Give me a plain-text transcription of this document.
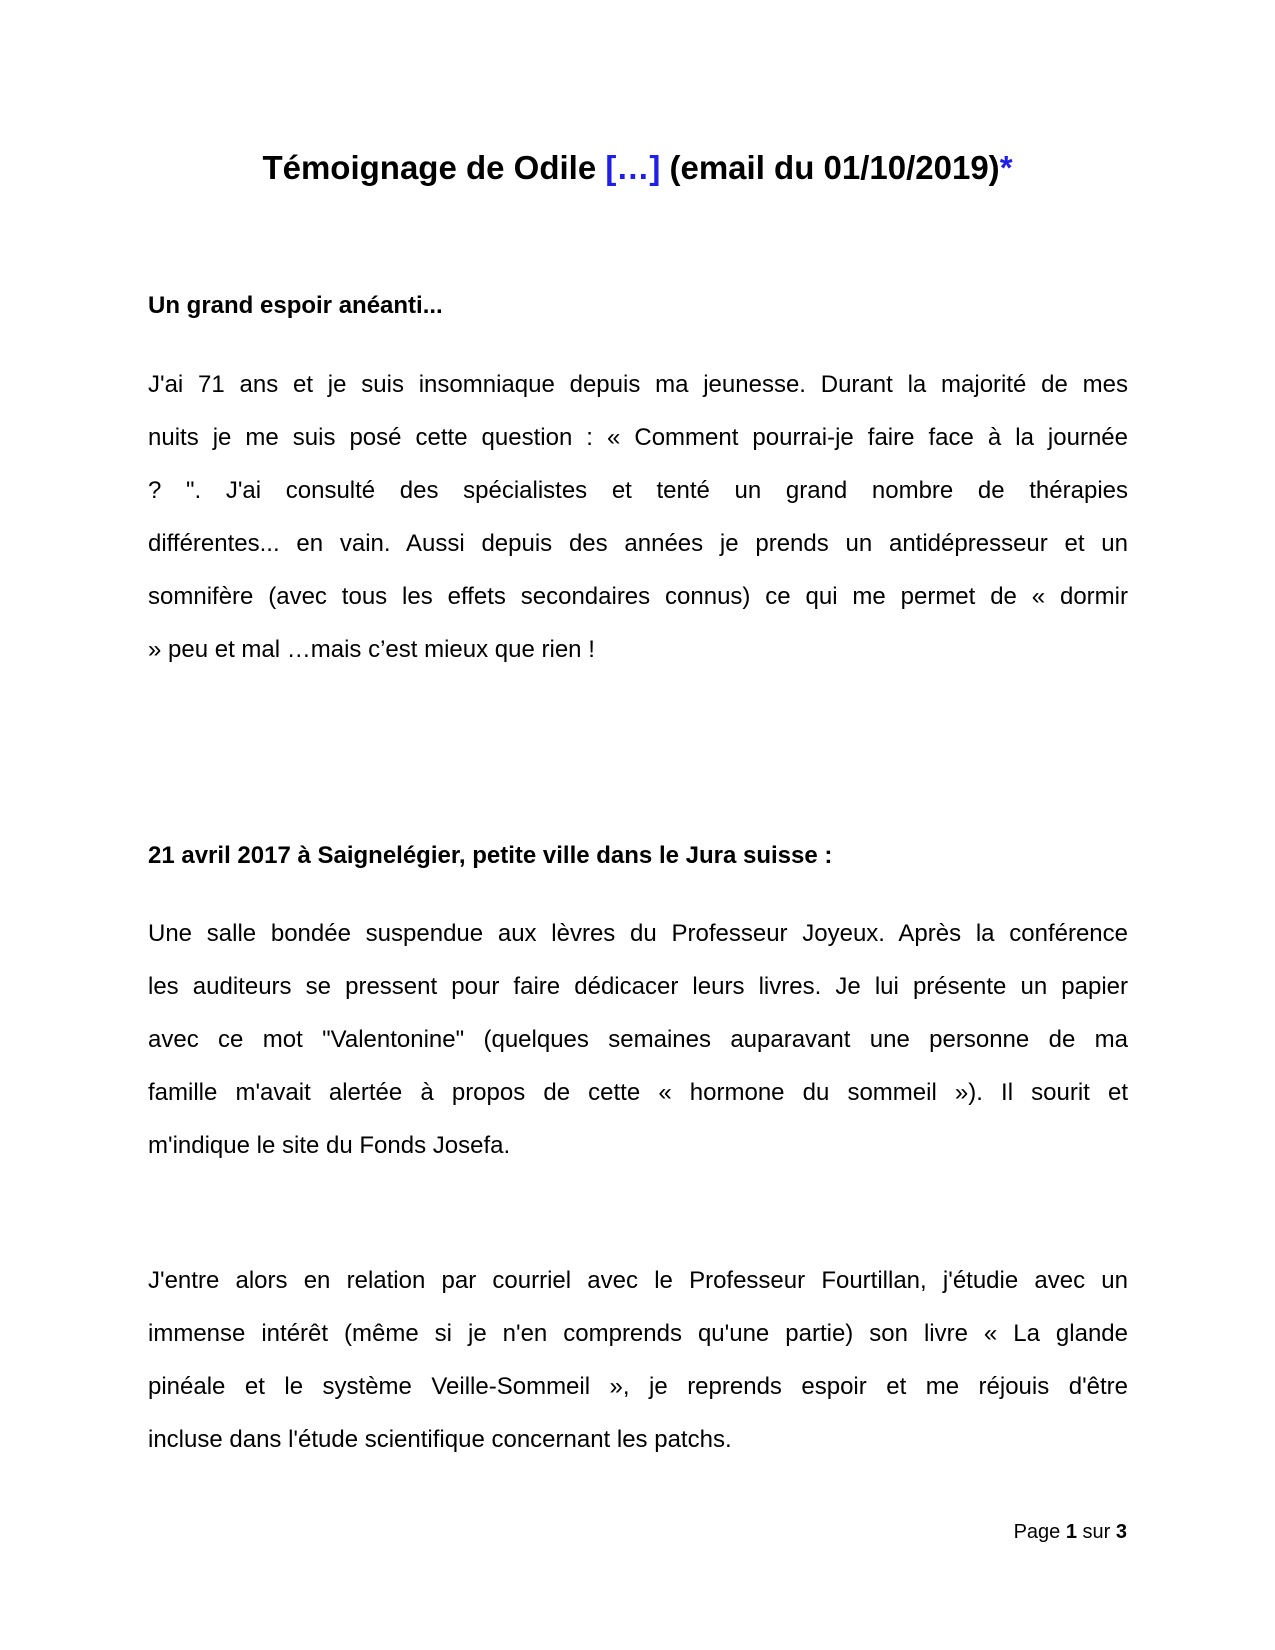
Témoignage de Odile […] (email du 01/10/2019)*
Un grand espoir anéanti...
J'ai 71 ans et je suis insomniaque depuis ma jeunesse. Durant la majorité de mes
nuits je me suis posé cette question : « Comment pourrai-je faire face à la journée
? ". J'ai consulté des spécialistes et tenté un grand nombre de thérapies
différentes... en vain. Aussi depuis des années je prends un antidépresseur et un
somnifère (avec tous les effets secondaires connus) ce qui me permet de « dormir
» peu et mal …mais c’est mieux que rien !
21 avril 2017 à Saignelégier, petite ville dans le Jura suisse :
Une salle bondée suspendue aux lèvres du Professeur Joyeux. Après la conférence
les auditeurs se pressent pour faire dédicacer leurs livres. Je lui présente un papier
avec ce mot "Valentonine" (quelques semaines auparavant une personne de ma
famille m'avait alertée à propos de cette « hormone du sommeil »). Il sourit et
m'indique le site du Fonds Josefa.
J'entre alors en relation par courriel avec le Professeur Fourtillan, j'étudie avec un
immense intérêt (même si je n'en comprends qu'une partie) son livre « La glande
pinéale et le système Veille-Sommeil », je reprends espoir et me réjouis d'être
incluse dans l'étude scientifique concernant les patchs.
Page 1 sur 3
